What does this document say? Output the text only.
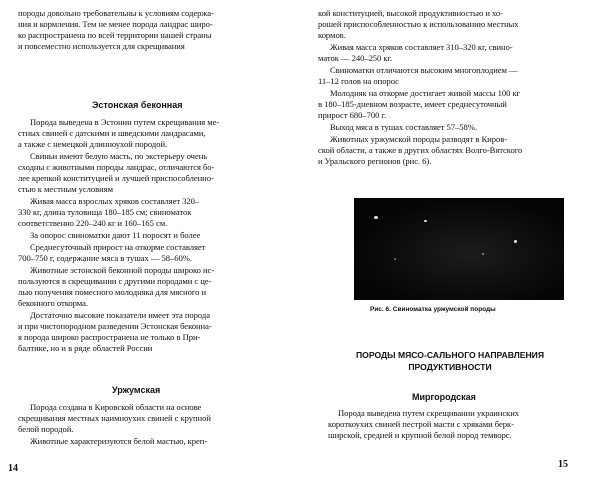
породы довольно требовательны к условиям содержа-
ния и кормления. Тем не менее порода ландрас широ-
ко распространена по всей территории нашей страны
и повсеместно используется для скрещивания
Эстонская беконная
Порода выведена в Эстонии путем скрещивания ме-
стных свиней с датскими и шведскими ландрасами,
а также с немецкой длинноухой породой.
Свиньи имеют белую масть, по экстерьеру очень
сходны с животными породы ландрас, отличаются бо-
лее крепкой конституцией и лучшей приспособленно-
стью к местным условиям
Живая масса взрослых хряков составляет 320–
330 кг, длина туловища 180–185 см; свиноматок
соответственно 220–240 кг и 160–165 см.
За опорос свиноматки дают 11 поросят и более
Среднесуточный прирост на откорме составляет
700–750 г, содержание мяса в тушах — 58–60%.
Животные эстонской беконной породы широко ис-
пользуются в скрещивании с другими породами с це-
лью получения помесного молодняка для мясного и
беконного откорма.
Достаточно высокие показатели имеет эта порода
и при чистопородном разведении Эстонская беконна-
я порода широко распространена не только в При-
балтике, но и в ряде областей России
Уржумская
Порода создана в Кировской области на основе
скрещивания местных наимноухих свиней с крупной
белой породой.
Животные характеризуются белой мастью, креп-
14
кой конституцией, высокой продуктивностью и хо-
рошей приспособленностью к использованию местных
кормов.
Живая масса хряков составляет 310–320 кг, свино-
маток — 240–250 кг.
Свиноматки отличаются высоким многоплодием —
11–12 голов на опорос
Молодняк на откорме достигает живой массы 100 кг
в 180–185-дневном возрасте, имеет среднесуточный
прирост 680–700 г.
Выход мяса в тушах составляет 57–58%.
Животных уржумской породы разводят в Киров-
ской области, а также в других областях Волго-Вятского
и Уральского регионов (рис. 6).
Рис. 6. Свиноматка уржумской породы
ПОРОДЫ МЯСО-САЛЬНОГО НАПРАВЛЕНИЯ
ПРОДУКТИВНОСТИ
Миргородская
Порода выведена путем скрещивании украинских
короткоухих свиней пестрой масти с хряками берк-
ширской, средней и крупной белой пород темворс.
15
